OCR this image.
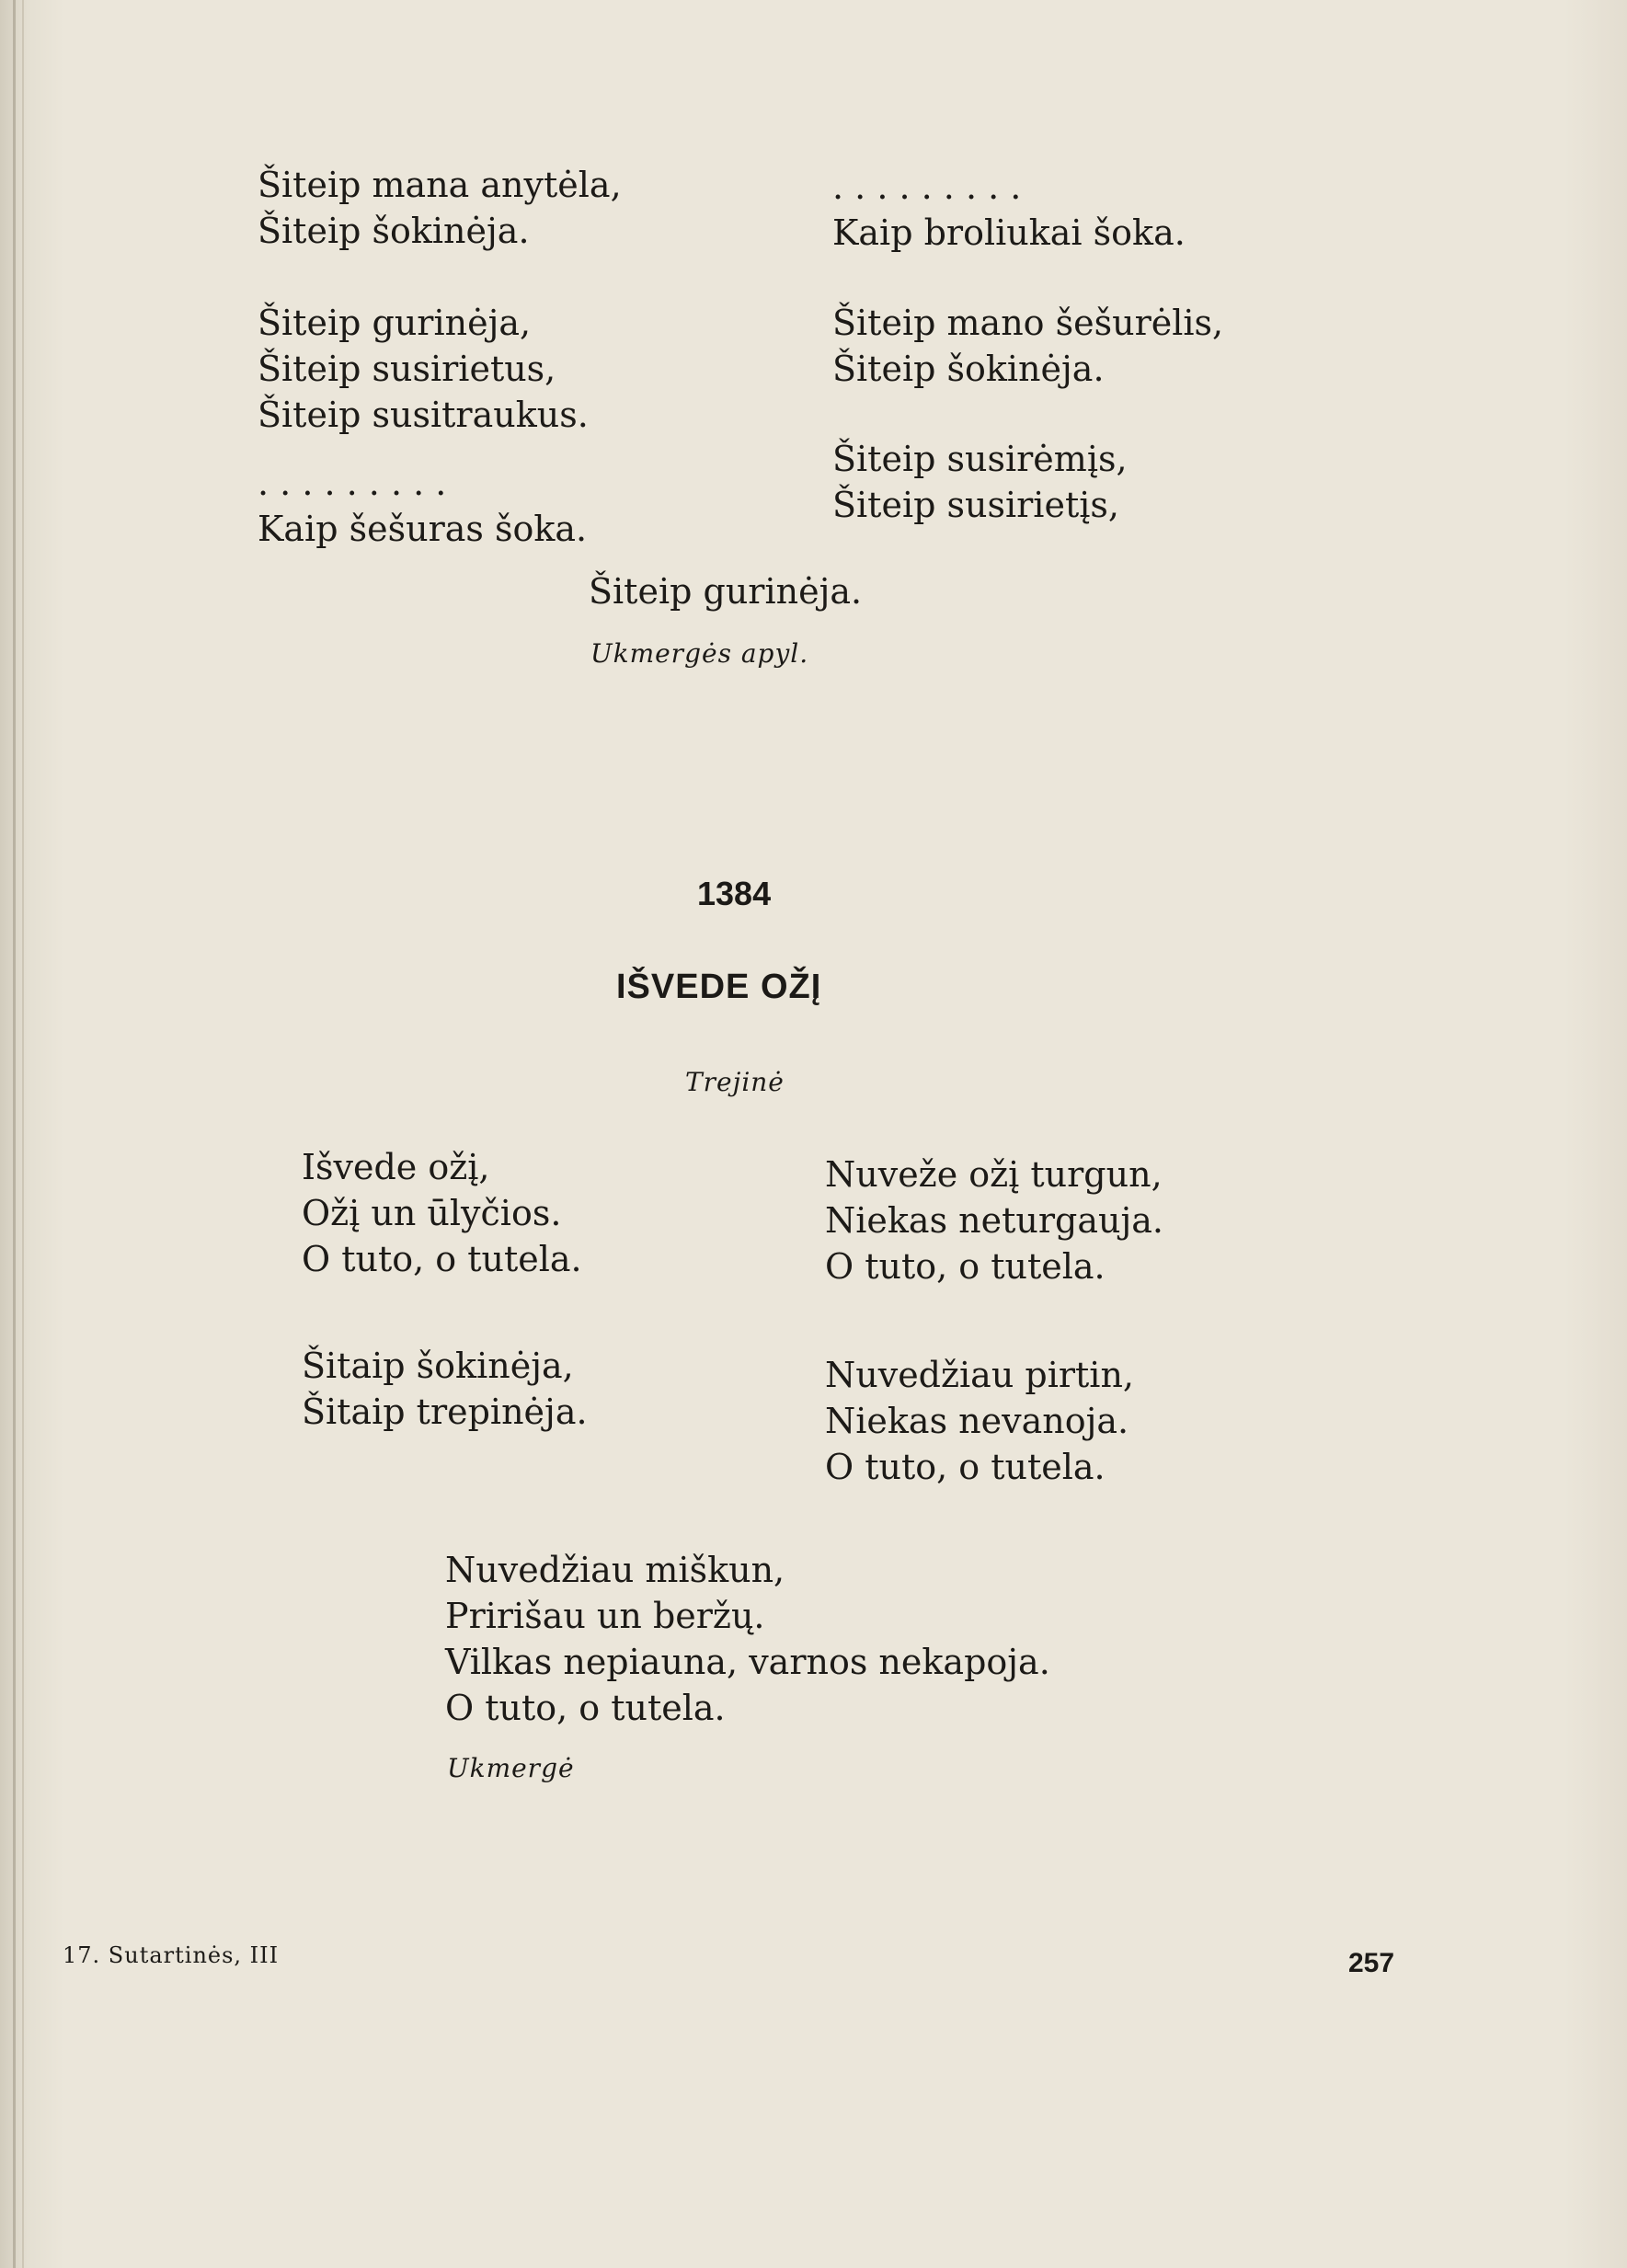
Šiteip mana anytėla,
Šiteip šokinėja.
Šiteip gurinėja,
Šiteip susirietus,
Šiteip susitraukus.
. . . . . . . . .
Kaip šešuras šoka.
. . . . . . . . .
Kaip broliukai šoka.
Šiteip mano šešurėlis,
Šiteip šokinėja.
Šiteip susirėmįs,
Šiteip susirietįs,
Šiteip gurinėja.
Ukmergės apyl.
1384
IŠVEDE OŽĮ
Trejinė
Išvede ožį,
Ožį un ūlyčios.
O tuto, o tutela.
Šitaip šokinėja,
Šitaip trepinėja.
Nuveže ožį turgun,
Niekas neturgauja.
O tuto, o tutela.
Nuvedžiau pirtin,
Niekas nevanoja.
O tuto, o tutela.
Nuvedžiau miškun,
Pririšau un beržų.
Vilkas nepiauna, varnos nekapoja.
O tuto, o tutela.
Ukmergė
17. Sutartinės, III	257
